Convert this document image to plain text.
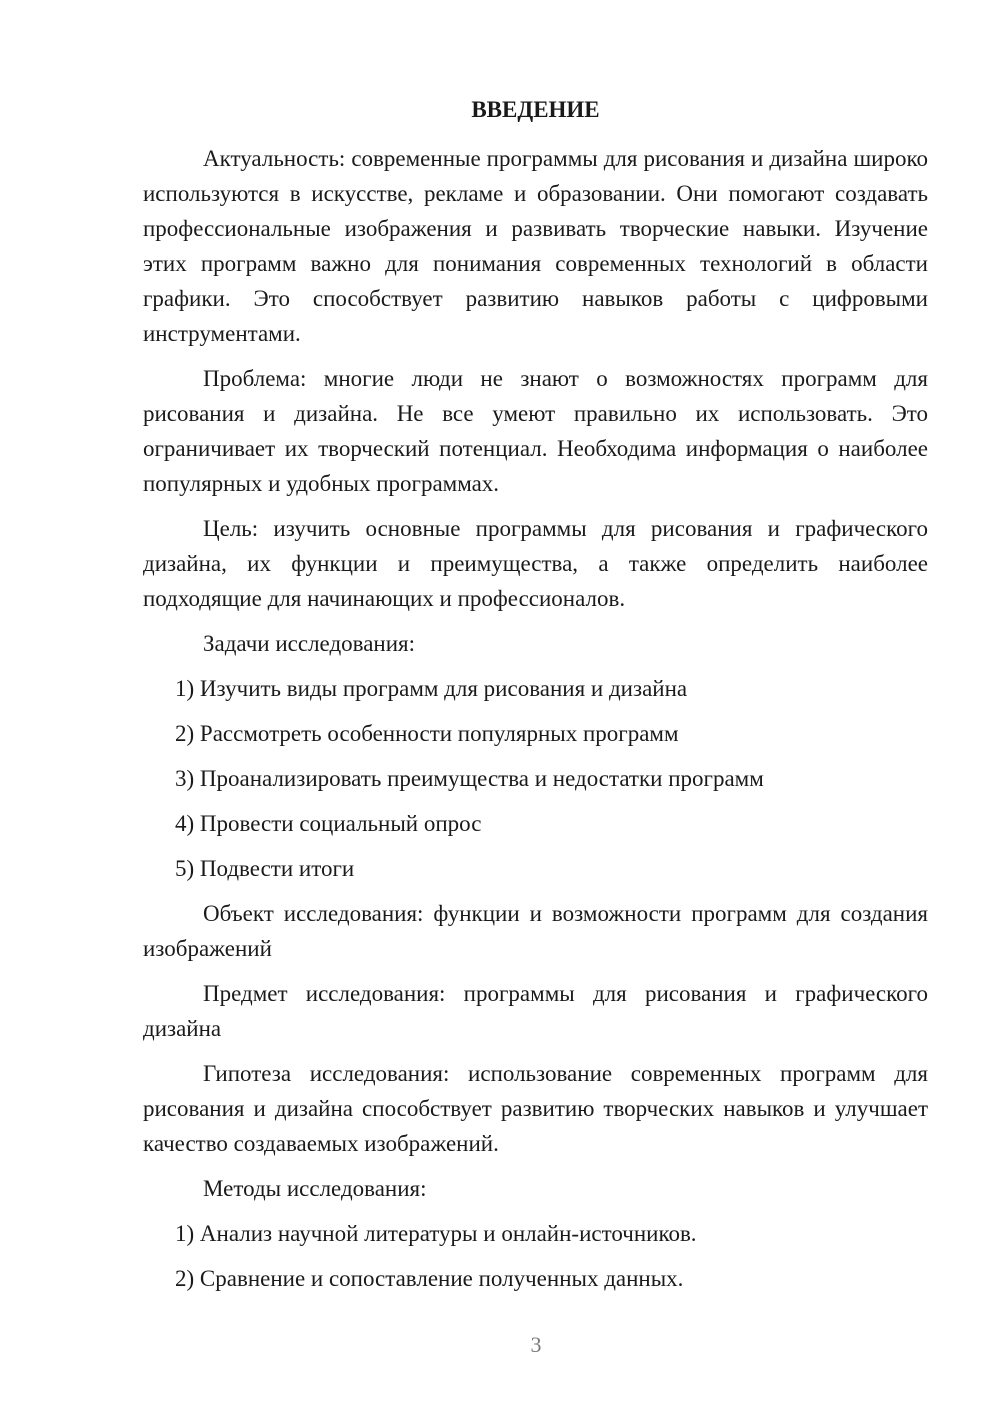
ВВЕДЕНИЕ

Актуальность: современные программы для рисования и дизайна широко используются в искусстве, рекламе и образовании. Они помогают создавать профессиональные изображения и развивать творческие навыки. Изучение этих программ важно для понимания современных технологий в области графики. Это способствует развитию навыков работы с цифровыми инструментами.

Проблема: многие люди не знают о возможностях программ для рисования и дизайна. Не все умеют правильно их использовать. Это ограничивает их творческий потенциал. Необходима информация о наиболее популярных и удобных программах.

Цель: изучить основные программы для рисования и графического дизайна, их функции и преимущества, а также определить наиболее подходящие для начинающих и профессионалов.

Задачи исследования:

1) Изучить виды программ для рисования и дизайна

2) Рассмотреть особенности популярных программ

3) Проанализировать преимущества и недостатки программ

4) Провести социальный опрос

5) Подвести итоги

Объект исследования: функции и возможности программ для создания изображений

Предмет исследования: программы для рисования и графического дизайна

Гипотеза исследования: использование современных программ для рисования и дизайна способствует развитию творческих навыков и улучшает качество создаваемых изображений.

Методы исследования:

1) Анализ научной литературы и онлайн-источников.

2) Сравнение и сопоставление полученных данных.

3
